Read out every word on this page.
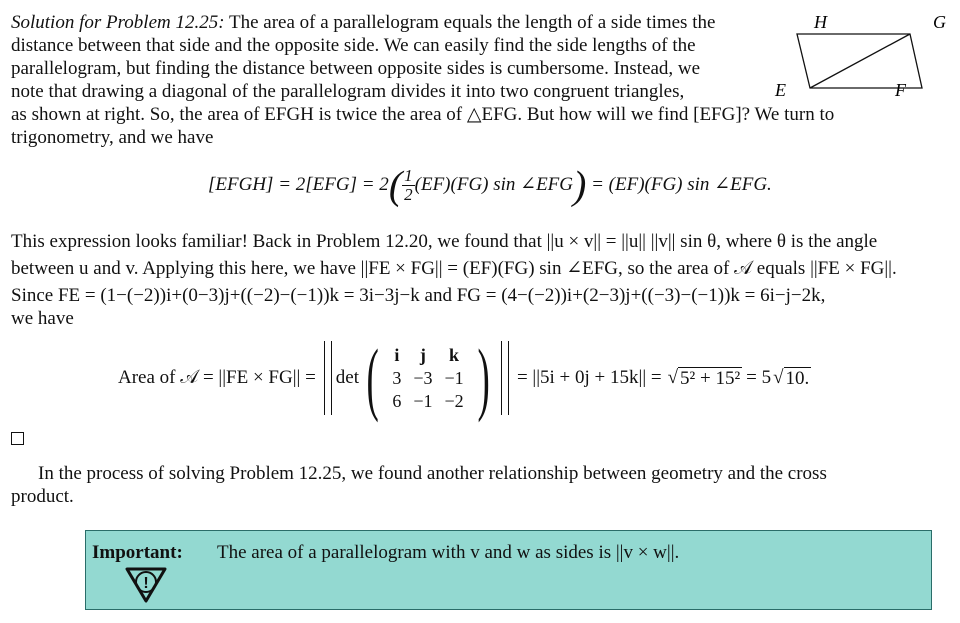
Solution for Problem 12.25: The area of a parallelogram equals the length of a side times the
distance between that side and the opposite side. We can easily find the side lengths of the
parallelogram, but finding the distance between opposite sides is cumbersome. Instead, we
note that drawing a diagonal of the parallelogram divides it into two congruent triangles,
as shown at right. So, the area of EFGH is twice the area of △EFG. But how will we find [EFG]? We turn to
trigonometry, and we have
H	G
E	F
[EFGH] = $2[EFG] = 2( \frac{1}{2} (EF)(FG)$ sin ∠EFG) = (EF)(FG) sin ∠EFG.
This expression looks familiar! Back in Problem 12.20, we found that ||u × v|| = ||u|| ||v|| sin θ, where θ is the angle
between u and v. Applying this here, we have ||FE × FG|| = (EF)(FG) sin ∠EFG, so the area of 𝒜 equals ||FE × FG||.
Since FE = (1−(−2))i+(0−3)j+((−2)−(−1))k = 3i−3j−k and FG = (4−(−2))i+(2−3)j+((−3)−(−1))k = 6i−j−2k,
we have
Area of 𝒜 = ||FE × FG|| = det ( i	j	k
3	−3	−1
6	−1	−2 ) = ||5i + 0j + 15k|| = √ 5² + 15² = 5 √ 10.
In the process of solving Problem 12.25, we found another relationship between geometry and the cross
product.
Important: The area of a parallelogram with v and w as sides is ||v × w||.
!
